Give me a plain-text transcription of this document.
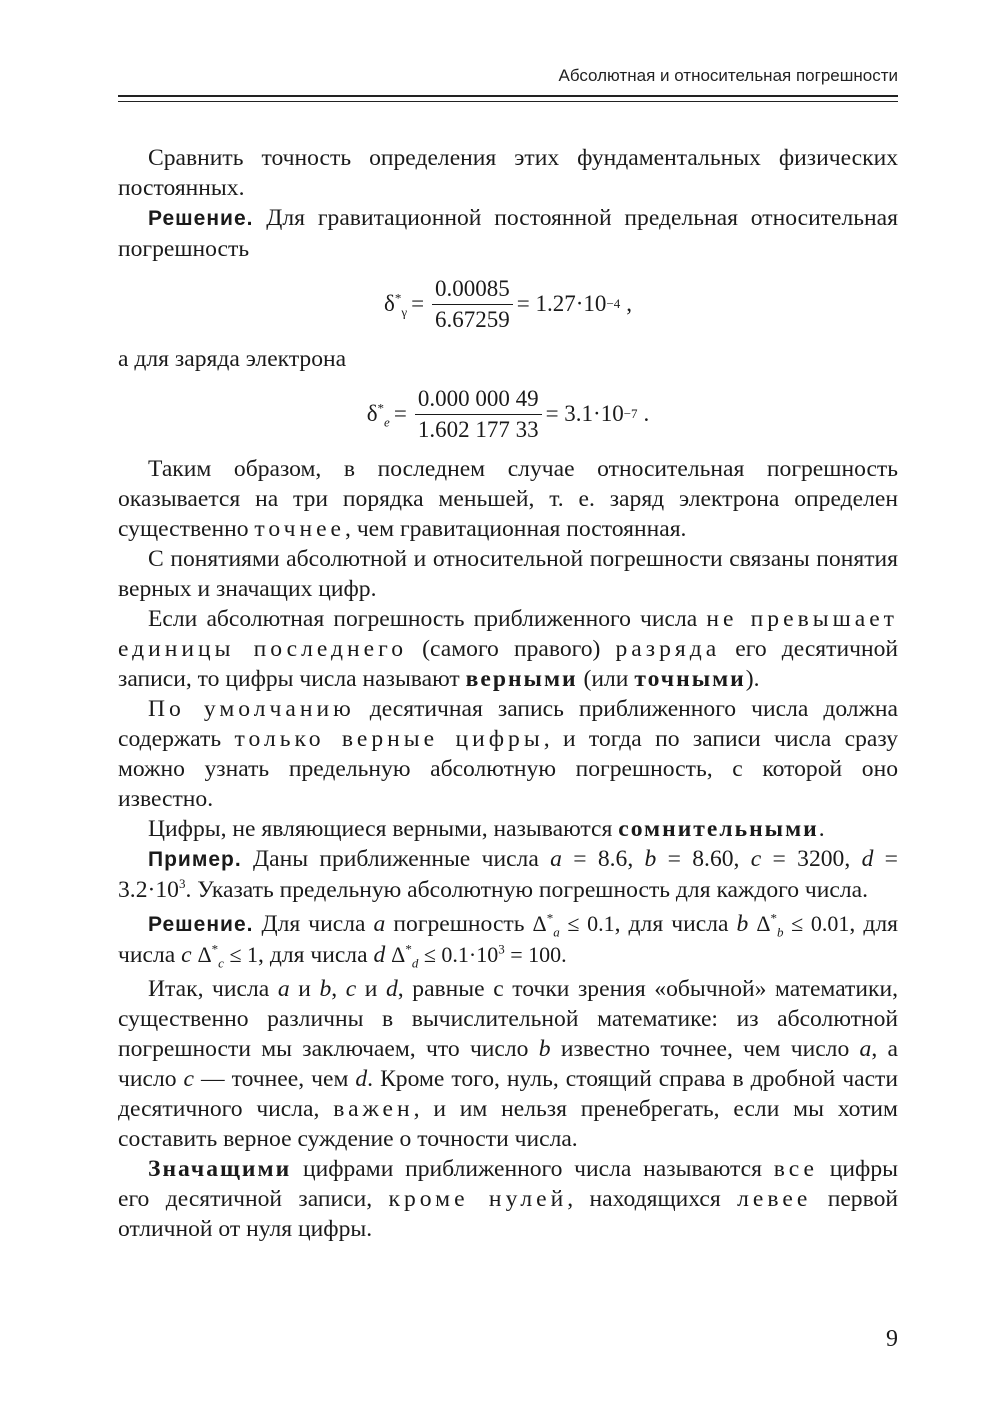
Абсолютная и относительная погрешности

Сравнить точность определения этих фундаментальных физических постоянных.

Решение. Для гравитационной постоянной предельная относительная погрешность

$\delta^*_\gamma = \frac{0.00085}{6.67259} = 1.27\cdot 10 -4$ ,

а для заряда электрона

$\delta^*_e = \frac{0.000 000 49}{1.602 177 33} = 3.1\cdot 10 -7$ .

Таким образом, в последнем случае относительная погрешность оказывается на три порядка меньшей, т. е. заряд электрона определен существенно точнее, чем гравитационная постоянная.

С понятиями абсолютной и относительной погрешности связаны понятия верных и значащих цифр.

Если абсолютная погрешность приближенного числа не превышает единицы последнего (самого правого) разряда его десятичной записи, то цифры числа называют верными (или точными).

По умолчанию десятичная запись приближенного числа должна содержать только верные цифры, и тогда по записи числа сразу можно узнать предельную абсолютную погрешность, с которой оно известно.

Цифры, не являющиеся верными, называются сомнительными.

Пример. Даны приближенные числа a = 8.6, b = 8.60, c = 3200, $d = 3.2\cdot 10^3$. Указать предельную абсолютную погрешность для каждого числа.

Решение. Для числа a погрешность $\Delta^*_a \le 0.1$, для числа b $\Delta^*_b \le 0.01$, для числа c $\Delta^*_c \le 1$, для числа d $\Delta^*_d \le 0.1\cdot 10^3 = 100$.

Итак, числа a и b, c и d, равные с точки зрения «обычной» математики, существенно различны в вычислительной математике: из абсолютной погрешности мы заключаем, что число b известно точнее, чем число a, а число c — точнее, чем d. Кроме того, нуль, стоящий справа в дробной части десятичного числа, важен, и им нельзя пренебрегать, если мы хотим составить верное суждение о точности числа.

Значащими цифрами приближенного числа называются все цифры его десятичной записи, кроме нулей, находящихся левее первой отличной от нуля цифры.

9
